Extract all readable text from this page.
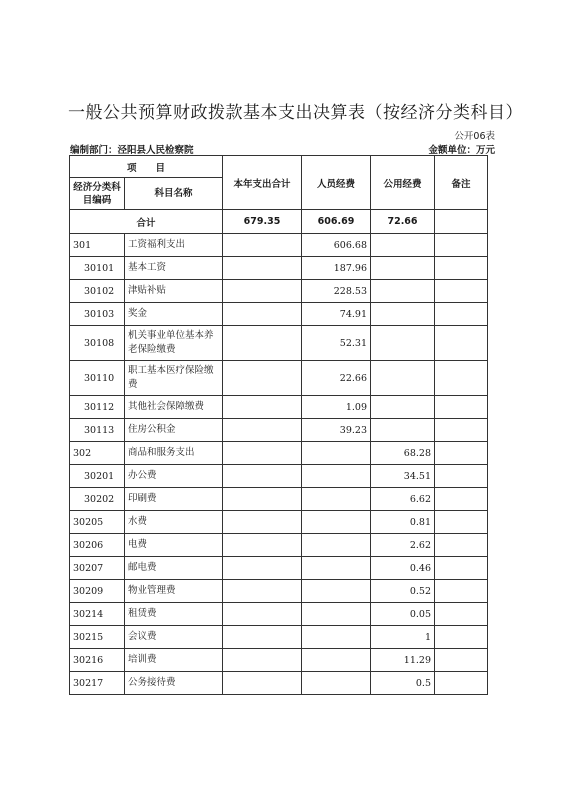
一般公共预算财政拨款基本支出决算表（按经济分类科目）
公开06表
编制部门：泾阳县人民检察院	金额单位：万元
项　　目		本年支出合计	人员经费	公用经费	备注
经济分类科目编码	科目名称				
合计		679.35	606.69	72.66	
301	工资福利支出		606.68		
30101	基本工资		187.96		
30102	津贴补贴		228.53		
30103	奖金		74.91		
30108	机关事业单位基本养老保险缴费		52.31		
30110	职工基本医疗保险缴费		22.66		
30112	其他社会保障缴费		1.09		
30113	住房公积金		39.23		
302	商品和服务支出			68.28	
30201	办公费			34.51	
30202	印刷费			6.62	
30205	水费			0.81	
30206	电费			2.62	
30207	邮电费			0.46	
30209	物业管理费			0.52	
30214	租赁费			0.05	
30215	会议费			1	
30216	培训费			11.29	
30217	公务接待费			0.5	
